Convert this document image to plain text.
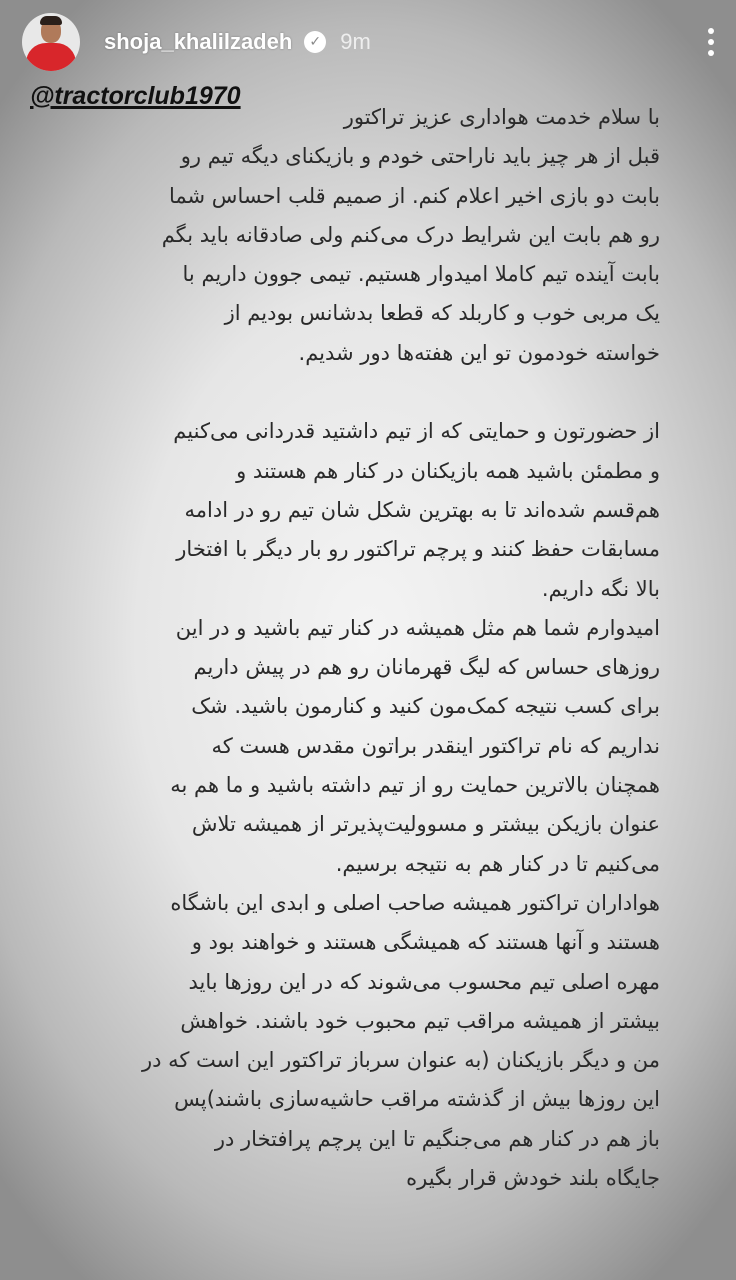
shoja_khalilzadeh	✓ 9m
@tractorclub1970
با سلام خدمت هواداری عزیز تراکتور
قبل از هر چیز باید ناراحتی خودم و بازیکنای دیگه تیم رو
بابت دو بازی اخیر اعلام کنم. از صمیم قلب احساس شما
رو هم بابت این شرایط درک می‌کنم ولی صادقانه باید بگم
بابت آینده تیم کاملا امیدوار هستیم. تیمی جوون داریم با
یک مربی خوب و کاربلد که قطعا بدشانس بودیم از
خواسته خودمون تو این هفته‌ها دور شدیم.
از حضورتون و حمایتی که از تیم داشتید قدردانی می‌کنیم
و مطمئن باشید همه بازیکنان در کنار هم هستند و
هم‌قسم شده‌اند تا به بهترین شکل شان تیم رو در ادامه
مسابقات حفظ کنند و پرچم تراکتور رو بار دیگر با افتخار
بالا نگه داریم.
امیدوارم شما هم مثل همیشه در کنار تیم باشید و در این
روزهای حساس که لیگ قهرمانان رو هم در پیش داریم
برای کسب نتیجه کمک‌مون کنید و کنارمون باشید. شک
نداریم که نام تراکتور اینقدر براتون مقدس هست که
همچنان بالاترین حمایت رو از تیم داشته باشید و ما هم به
عنوان بازیکن بیشتر و مسوولیت‌پذیرتر از همیشه تلاش
می‌کنیم تا در کنار هم به نتیجه برسیم.
هواداران تراکتور همیشه صاحب اصلی و ابدی این باشگاه
هستند و آنها هستند که همیشگی هستند و خواهند بود و
مهره اصلی تیم محسوب می‌شوند که در این روزها باید
بیشتر از همیشه مراقب تیم محبوب خود باشند. خواهش
من و دیگر بازیکنان (به عنوان سرباز تراکتور این است که در
این روزها بیش از گذشته مراقب حاشیه‌سازی باشند)پس
باز هم در کنار هم می‌جنگیم تا این پرچم پرافتخار در
جایگاه بلند خودش قرار بگیره
